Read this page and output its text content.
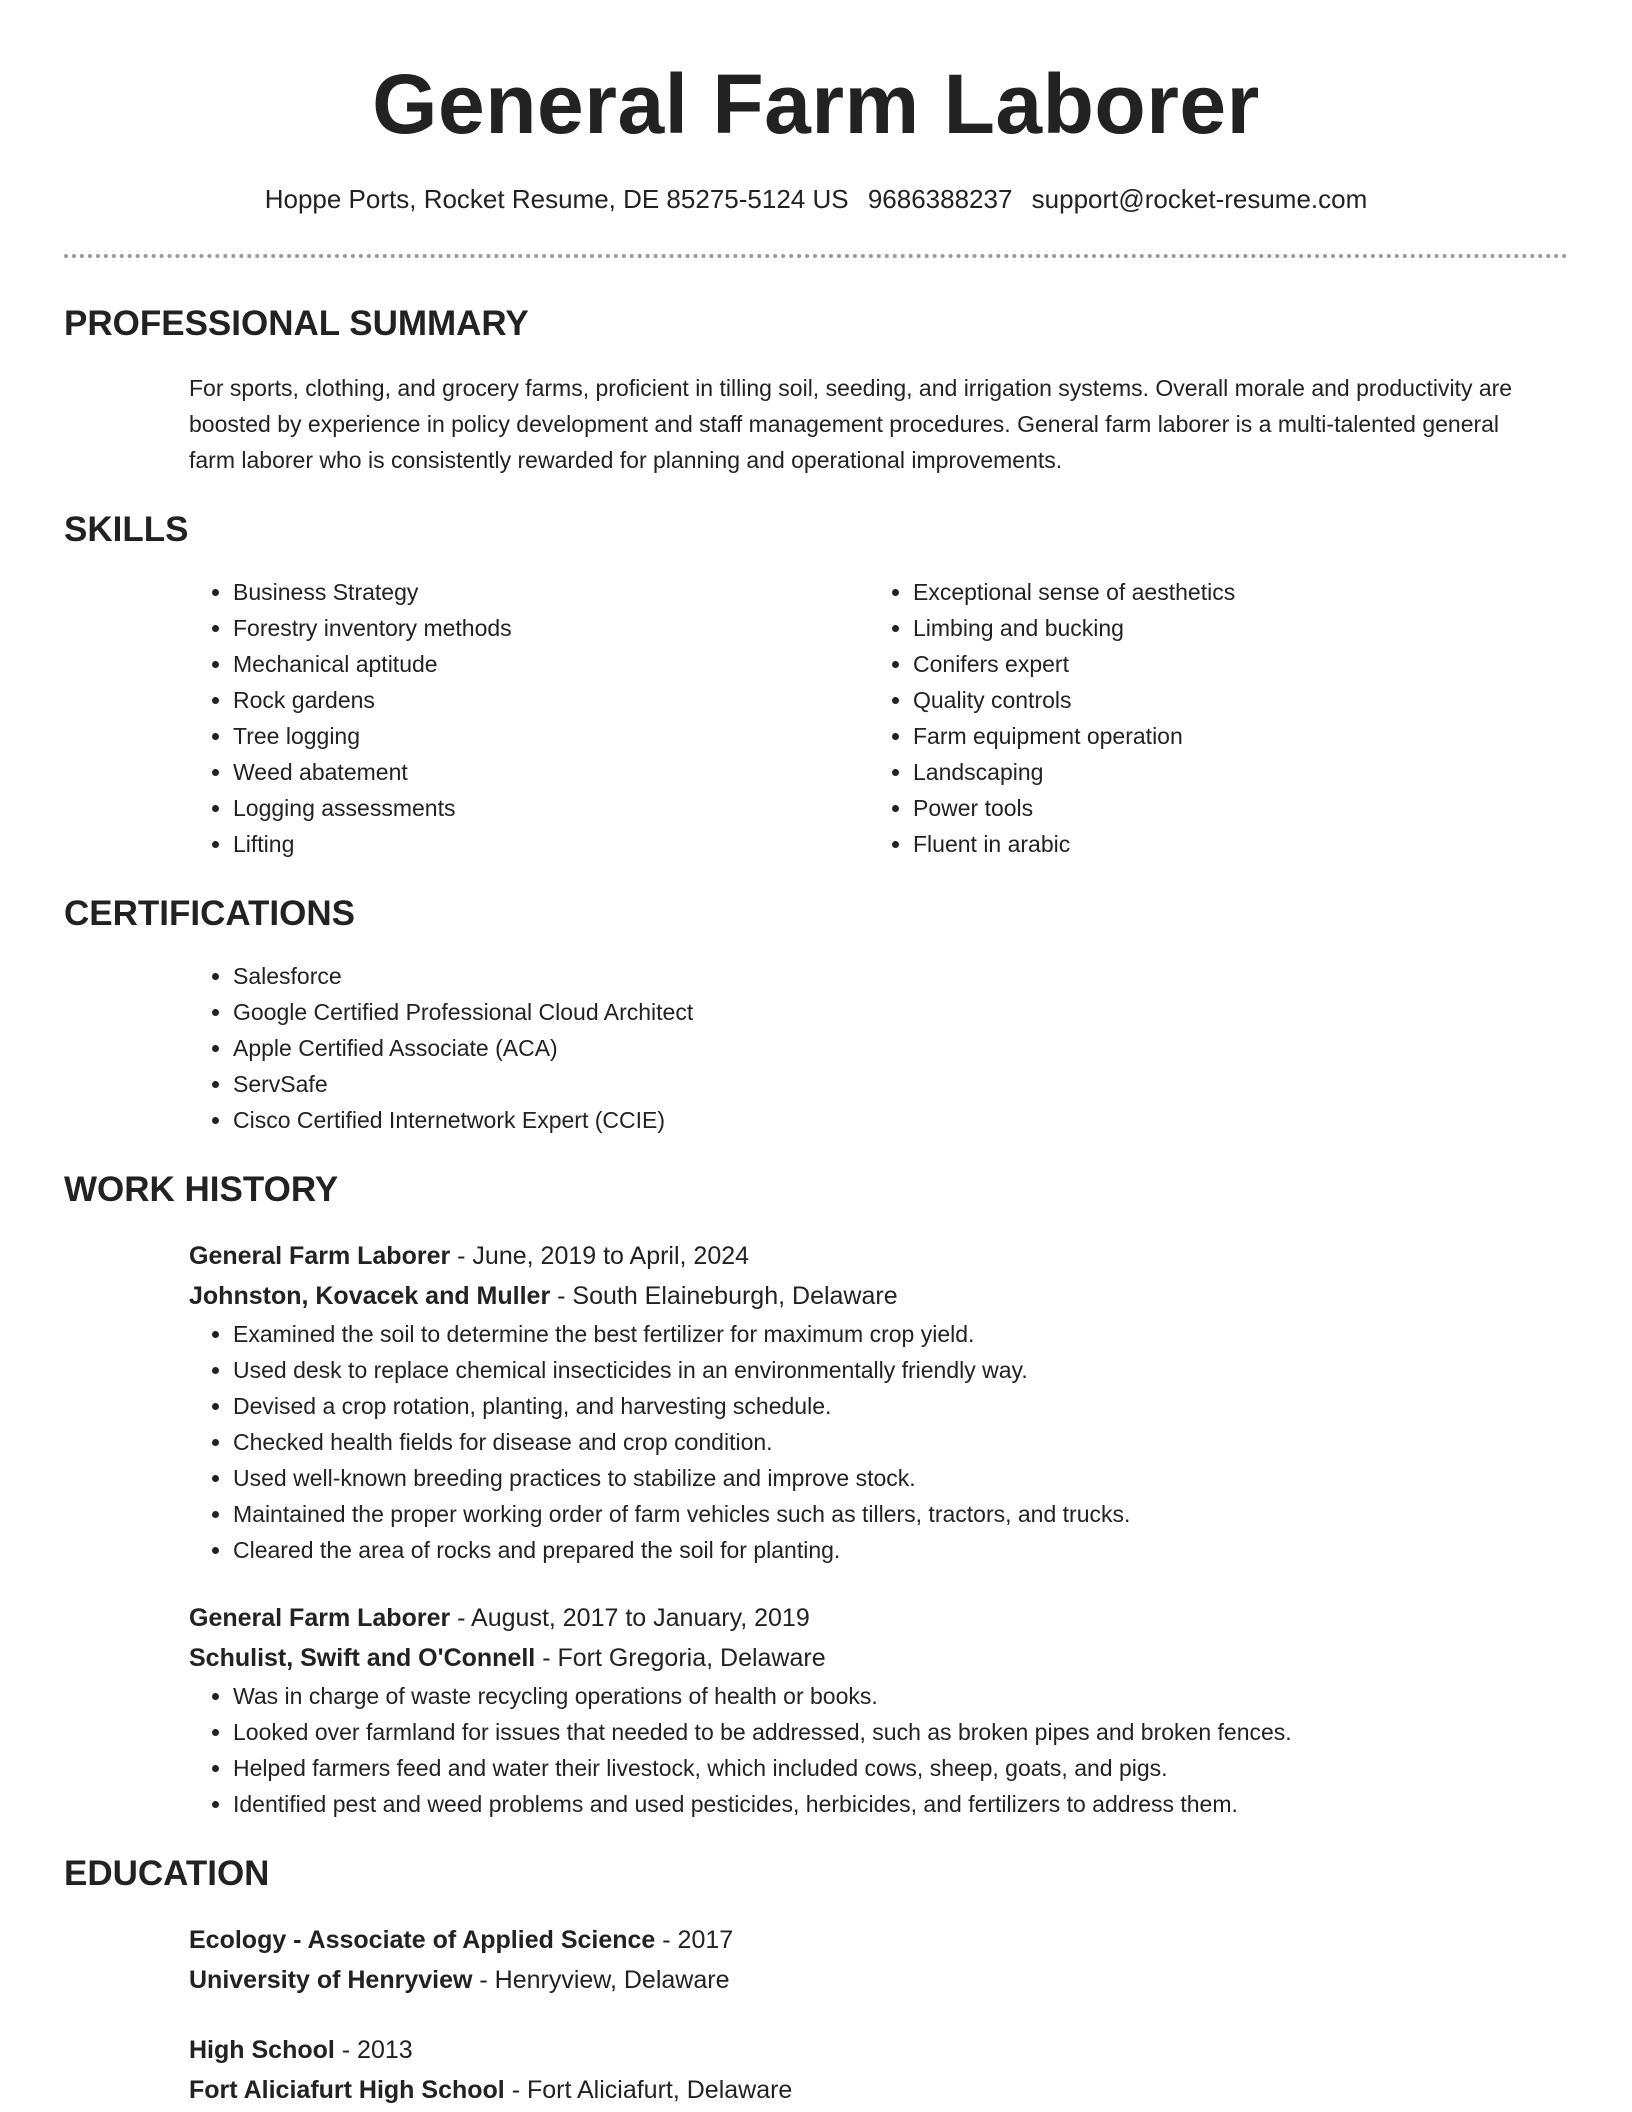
General Farm Laborer
Hoppe Ports, Rocket Resume, DE 85275-5124 US 9686388237 support@rocket-resume.com
PROFESSIONAL SUMMARY

For sports, clothing, and grocery farms, proficient in tilling soil, seeding, and irrigation systems. Overall morale and productivity are boosted by experience in policy development and staff management procedures. General farm laborer is a multi-talented general farm laborer who is consistently rewarded for planning and operational improvements.

SKILLS
• Business Strategy
• Forestry inventory methods
• Mechanical aptitude
• Rock gardens
• Tree logging
• Weed abatement
• Logging assessments
• Lifting
• Exceptional sense of aesthetics
• Limbing and bucking
• Conifers expert
• Quality controls
• Farm equipment operation
• Landscaping
• Power tools
• Fluent in arabic
CERTIFICATIONS
• Salesforce
• Google Certified Professional Cloud Architect
• Apple Certified Associate (ACA)
• ServSafe
• Cisco Certified Internetwork Expert (CCIE)
WORK HISTORY
General Farm Laborer - June, 2019 to April, 2024
Johnston, Kovacek and Muller - South Elaineburgh, Delaware
• Examined the soil to determine the best fertilizer for maximum crop yield.
• Used desk to replace chemical insecticides in an environmentally friendly way.
• Devised a crop rotation, planting, and harvesting schedule.
• Checked health fields for disease and crop condition.
• Used well-known breeding practices to stabilize and improve stock.
• Maintained the proper working order of farm vehicles such as tillers, tractors, and trucks.
• Cleared the area of rocks and prepared the soil for planting.
General Farm Laborer - August, 2017 to January, 2019
Schulist, Swift and O'Connell - Fort Gregoria, Delaware
• Was in charge of waste recycling operations of health or books.
• Looked over farmland for issues that needed to be addressed, such as broken pipes and broken fences.
• Helped farmers feed and water their livestock, which included cows, sheep, goats, and pigs.
• Identified pest and weed problems and used pesticides, herbicides, and fertilizers to address them.
EDUCATION
Ecology - Associate of Applied Science - 2017
University of Henryview - Henryview, Delaware
High School - 2013
Fort Aliciafurt High School - Fort Aliciafurt, Delaware
